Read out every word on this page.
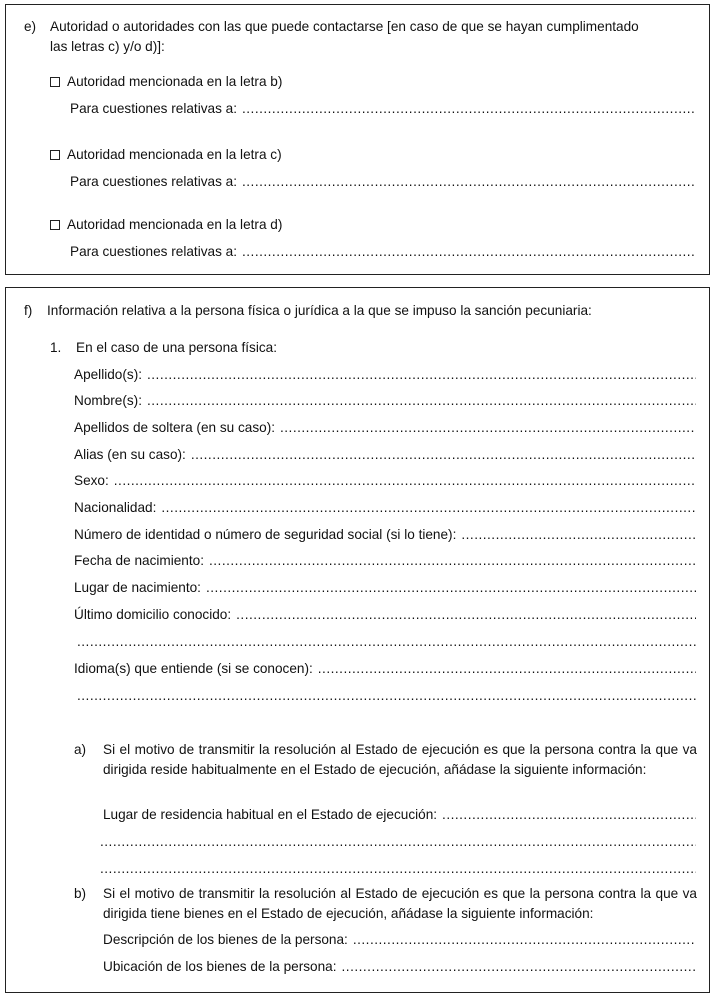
e) Autoridad o autoridades con las que puede contactarse [en caso de que se hayan cumplimentado
las letras c) y/o d)]:
Autoridad mencionada en la letra b)
Para cuestiones relativas a:
.....
Autoridad mencionada en la letra c)
Para cuestiones relativas a:
.....
Autoridad mencionada en la letra d)
Para cuestiones relativas a:
.....
f) Información relativa a la persona física o jurídica a la que se impuso la sanción pecuniaria:
1. En el caso de una persona física:
Apellido(s):
.....
Nombre(s):
.....
Apellidos de soltera (en su caso):
.....
Alias (en su caso):
.....
Sexo:
.....
Nacionalidad:
.....
Número de identidad o número de seguridad social (si lo tiene):
.....
Fecha de nacimiento:
.....
Lugar de nacimiento:
.....
Último domicilio conocido:
.....
.....
Idioma(s) que entiende (si se conocen):
.....
.....
a) Si el motivo de transmitir la resolución al Estado de ejecución es que la persona contra la que va dirigida reside habitualmente en el Estado de ejecución, añádase la siguiente información:
Lugar de residencia habitual en el Estado de ejecución:
.....
.....
.....
b) Si el motivo de transmitir la resolución al Estado de ejecución es que la persona contra la que va dirigida tiene bienes en el Estado de ejecución, añádase la siguiente información:
Descripción de los bienes de la persona:
.....
Ubicación de los bienes de la persona:
.....
